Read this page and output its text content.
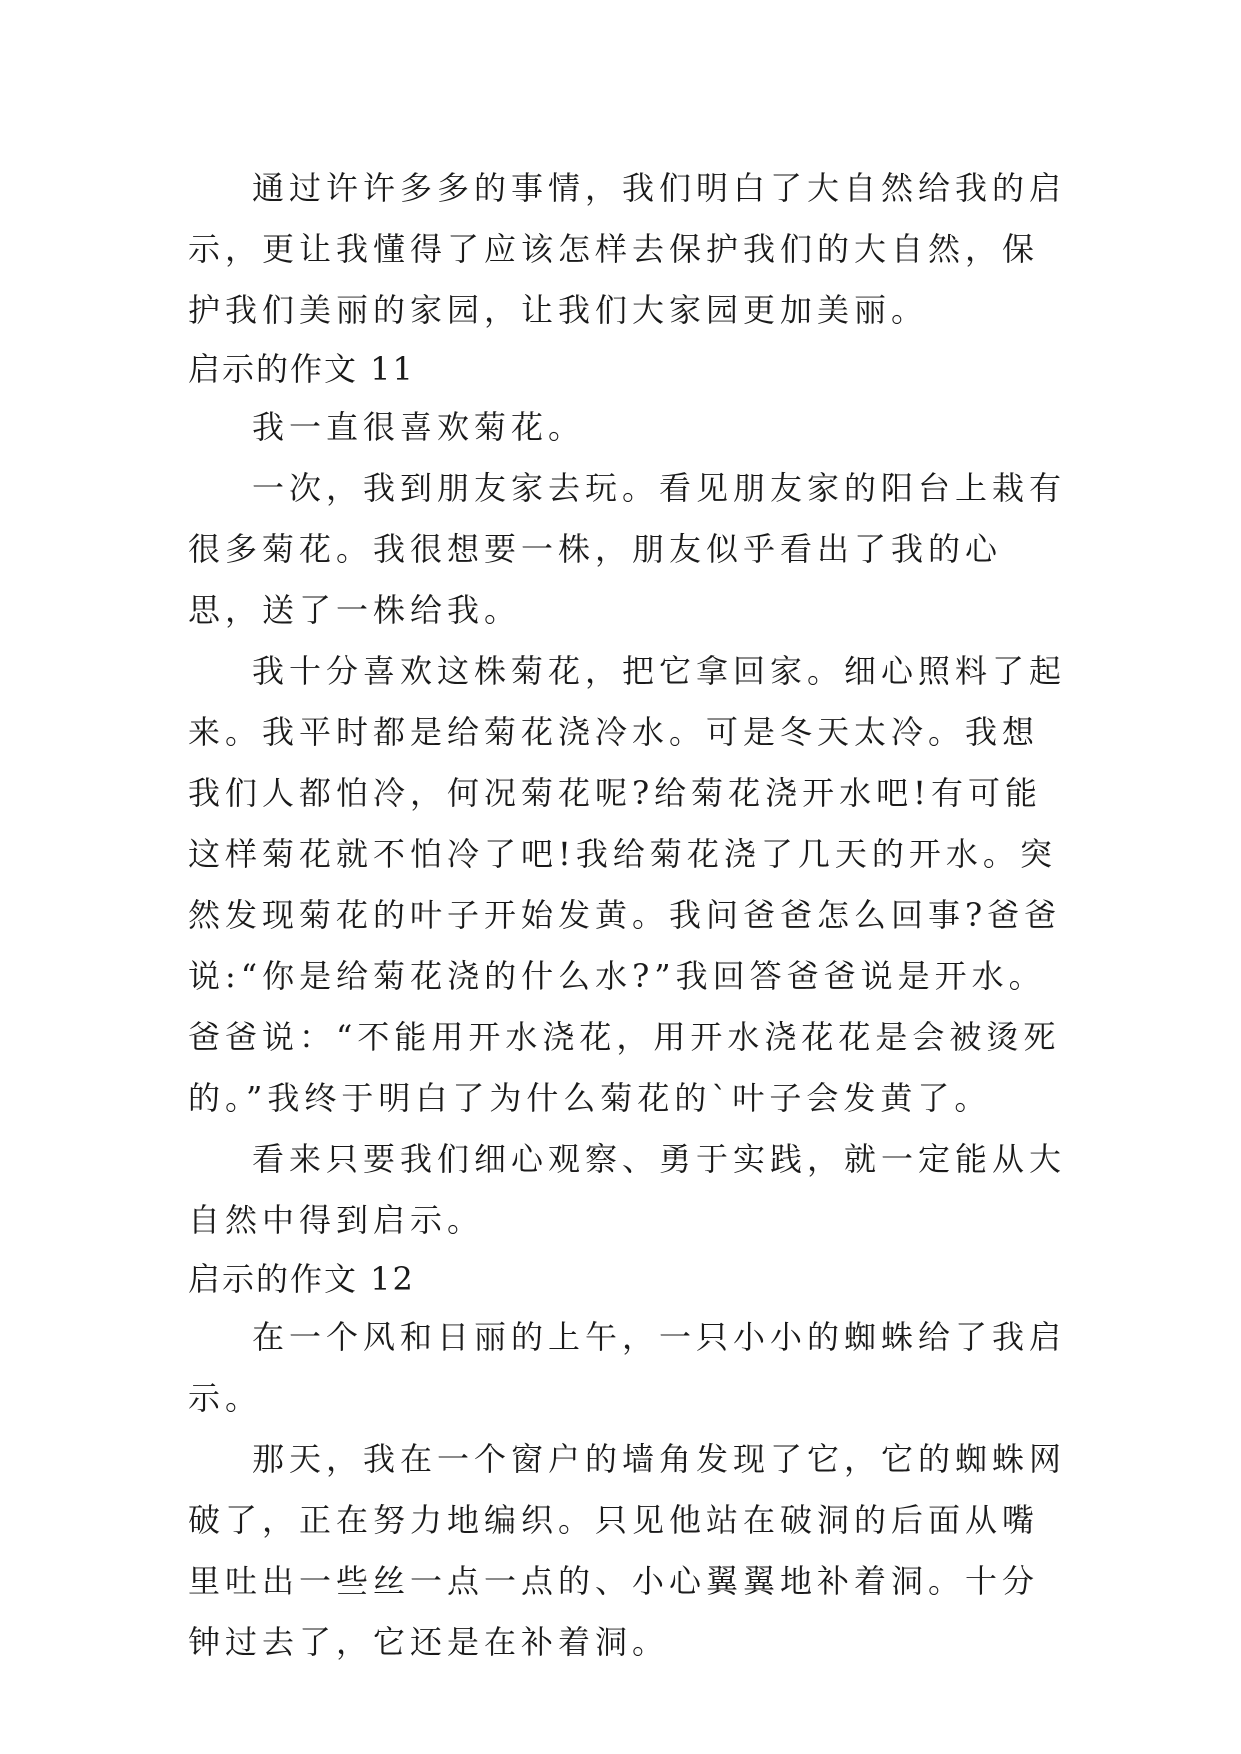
通过许许多多的事情，我们明白了大自然给我的启示，更让我懂得了应该怎样去保护我们的大自然，保护我们美丽的家园，让我们大家园更加美丽。

启示的作文 11

我一直很喜欢菊花。

一次，我到朋友家去玩。看见朋友家的阳台上栽有很多菊花。我很想要一株，朋友似乎看出了我的心思，送了一株给我。

我十分喜欢这株菊花，把它拿回家。细心照料了起来。我平时都是给菊花浇冷水。可是冬天太冷。我想我们人都怕冷，何况菊花呢?给菊花浇开水吧!有可能这样菊花就不怕冷了吧!我给菊花浇了几天的开水。突然发现菊花的叶子开始发黄。我问爸爸怎么回事?爸爸说:“你是给菊花浇的什么水?”我回答爸爸说是开水。爸爸说：“不能用开水浇花，用开水浇花花是会被烫死的。”我终于明白了为什么菊花的`叶子会发黄了。

看来只要我们细心观察、勇于实践，就一定能从大自然中得到启示。

启示的作文 12

在一个风和日丽的上午，一只小小的蜘蛛给了我启示。

那天，我在一个窗户的墙角发现了它，它的蜘蛛网破了，正在努力地编织。只见他站在破洞的后面从嘴里吐出一些丝一点一点的、小心翼翼地补着洞。十分钟过去了，它还是在补着洞。
